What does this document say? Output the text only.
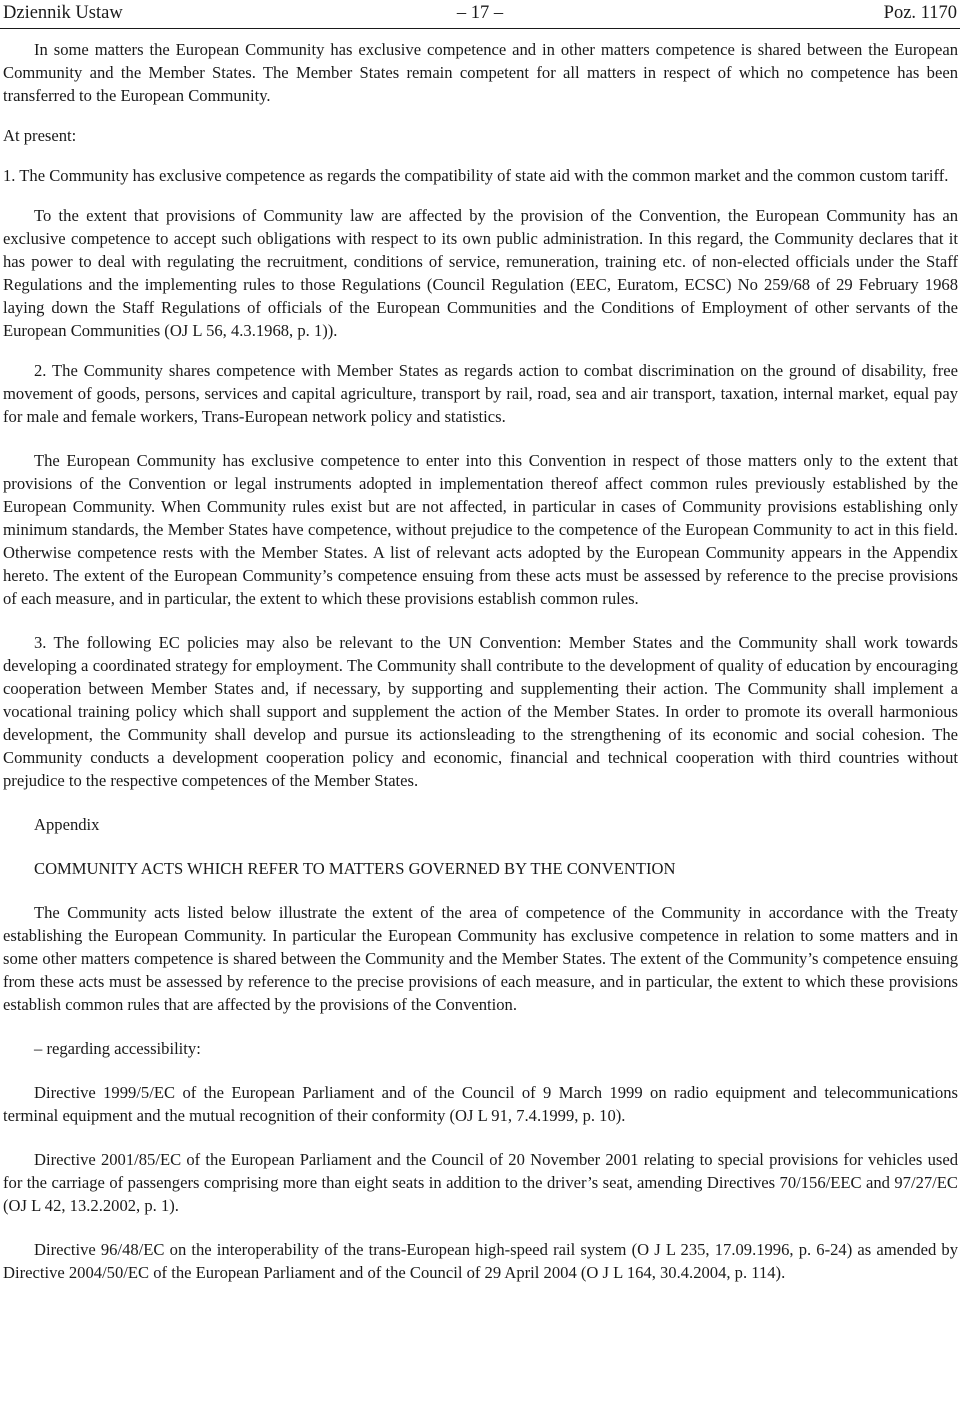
Dziennik Ustaw	– 17 –	Poz. 1170

In some matters the European Community has exclusive competence and in other matters competence is shared between the European Community and the Member States. The Member States remain competent for all matters in respect of which no competence has been transferred to the European Community.

At present:

1. The Community has exclusive competence as regards the compatibility of state aid with the common market and the common custom tariff.

To the extent that provisions of Community law are affected by the provision of the Convention, the European Community has an exclusive competence to accept such obligations with respect to its own public administration. In this regard, the Community declares that it has power to deal with regulating the recruitment, conditions of service, remuneration, training etc. of non-elected officials under the Staff Regulations and the implementing rules to those Regulations (Council Regulation (EEC, Euratom, ECSC) No 259/68 of 29 February 1968 laying down the Staff Regulations of officials of the European Communities and the Conditions of Employment of other servants of the European Communities (OJ L 56, 4.3.1968, p. 1)).

2. The Community shares competence with Member States as regards action to combat discrimination on the ground of disability, free movement of goods, persons, services and capital agriculture, transport by rail, road, sea and air transport, taxation, internal market, equal pay for male and female workers, Trans-European network policy and statistics.

The European Community has exclusive competence to enter into this Convention in respect of those matters only to the extent that provisions of the Convention or legal instruments adopted in implementation thereof affect common rules previously established by the European Community. When Community rules exist but are not affected, in particular in cases of Community provisions establishing only minimum standards, the Member States have competence, without prejudice to the competence of the European Community to act in this field. Otherwise competence rests with the Member States. A list of relevant acts adopted by the European Community appears in the Appendix hereto. The extent of the European Community’s competence ensuing from these acts must be assessed by reference to the precise provisions of each measure, and in particular, the extent to which these provisions establish common rules.

3. The following EC policies may also be relevant to the UN Convention: Member States and the Community shall work towards developing a coordinated strategy for employment. The Community shall contribute to the development of quality of education by encouraging cooperation between Member States and, if necessary, by supporting and supplementing their action. The Community shall implement a vocational training policy which shall support and supplement the action of the Member States. In order to promote its overall harmonious development, the Community shall develop and pursue its actionsleading to the strengthening of its economic and social cohesion. The Community conducts a development cooperation policy and economic, financial and technical cooperation with third countries without prejudice to the respective competences of the Member States.

Appendix

COMMUNITY ACTS WHICH REFER TO MATTERS GOVERNED BY THE CONVENTION

The Community acts listed below illustrate the extent of the area of competence of the Community in accordance with the Treaty establishing the European Community. In particular the European Community has exclusive competence in relation to some matters and in some other matters competence is shared between the Community and the Member States. The extent of the Community’s competence ensuing from these acts must be assessed by reference to the precise provisions of each measure, and in particular, the extent to which these provisions establish common rules that are affected by the provisions of the Convention.

– regarding accessibility:

Directive 1999/5/EC of the European Parliament and of the Council of 9 March 1999 on radio equipment and telecommunications terminal equipment and the mutual recognition of their conformity (OJ L 91, 7.4.1999, p. 10).

Directive 2001/85/EC of the European Parliament and the Council of 20 November 2001 relating to special provisions for vehicles used for the carriage of passengers comprising more than eight seats in addition to the driver’s seat, amending Directives 70/156/EEC and 97/27/EC (OJ L 42, 13.2.2002, p. 1).

Directive 96/48/EC on the interoperability of the trans-European high-speed rail system (O J L 235, 17.09.1996, p. 6-24) as amended by Directive 2004/50/EC of the European Parliament and of the Council of 29 April 2004 (O J L 164, 30.4.2004, p. 114).
